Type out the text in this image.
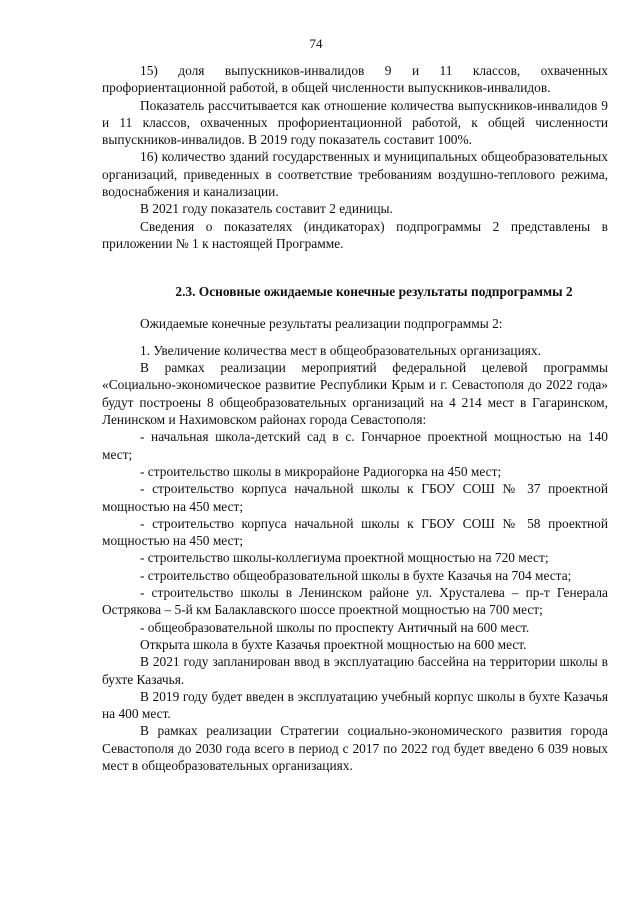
74

15) доля выпускников-инвалидов 9 и 11 классов, охваченных профориентационной работой, в общей численности выпускников-инвалидов.

Показатель рассчитывается как отношение количества выпускников-инвалидов 9 и 11 классов, охваченных профориентационной работой, к общей численности выпускников-инвалидов. В 2019 году показатель составит 100%.

16) количество зданий государственных и муниципальных общеобразовательных организаций, приведенных в соответствие требованиям воздушно-теплового режима, водоснабжения и канализации.

В 2021 году показатель составит 2 единицы.

Сведения о показателях (индикаторах) подпрограммы 2 представлены в приложении № 1 к настоящей Программе.

2.3. Основные ожидаемые конечные результаты подпрограммы 2

Ожидаемые конечные результаты реализации подпрограммы 2:

1. Увеличение количества мест в общеобразовательных организациях.

В рамках реализации мероприятий федеральной целевой программы «Социально-экономическое развитие Республики Крым и г. Севастополя до 2022 года» будут построены 8 общеобразовательных организаций на 4 214 мест в Гагаринском, Ленинском и Нахимовском районах города Севастополя:

- начальная школа-детский сад в с. Гончарное проектной мощностью на 140 мест;

- строительство школы в микрорайоне Радиогорка на 450 мест;

- строительство корпуса начальной школы к ГБОУ СОШ № 37 проектной мощностью на 450 мест;

- строительство корпуса начальной школы к ГБОУ СОШ № 58 проектной мощностью на 450 мест;

- строительство школы-коллегиума проектной мощностью на 720 мест;

- строительство общеобразовательной школы в бухте Казачья на 704 места;

- строительство школы в Ленинском районе ул. Хрусталева – пр-т Генерала Острякова – 5-й км Балаклавского шоссе проектной мощностью на 700 мест;

- общеобразовательной школы по проспекту Античный на 600 мест.

Открыта школа в бухте Казачья проектной мощностью на 600 мест.

В 2021 году запланирован ввод в эксплуатацию бассейна на территории школы в бухте Казачья.

В 2019 году будет введен в эксплуатацию учебный корпус школы в бухте Казачья на 400 мест.

В рамках реализации Стратегии социально-экономического развития города Севастополя до 2030 года всего в период с 2017 по 2022 год будет введено 6 039 новых мест в общеобразовательных организациях.
